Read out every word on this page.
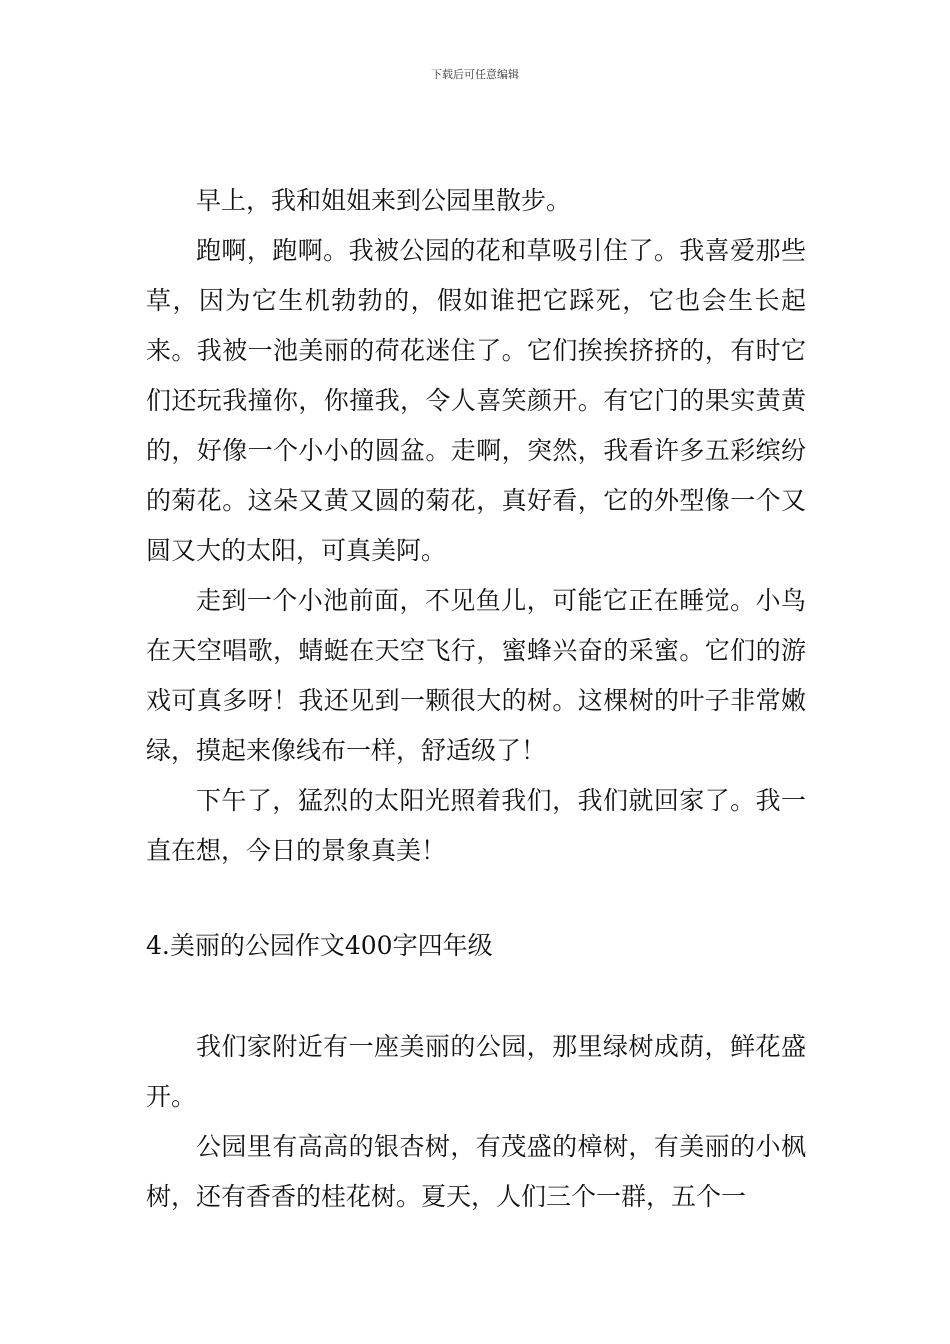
下载后可任意编辑

早上，我和姐姐来到公园里散步。

跑啊，跑啊。我被公园的花和草吸引住了。我喜爱那些草，因为它生机勃勃的，假如谁把它踩死，它也会生长起来。我被一池美丽的荷花迷住了。它们挨挨挤挤的，有时它们还玩我撞你，你撞我，令人喜笑颜开。有它门的果实黄黄的，好像一个小小的圆盆。走啊，突然，我看许多五彩缤纷的菊花。这朵又黄又圆的菊花，真好看，它的外型像一个又圆又大的太阳，可真美阿。

走到一个小池前面，不见鱼儿，可能它正在睡觉。小鸟在天空唱歌，蜻蜓在天空飞行，蜜蜂兴奋的采蜜。它们的游戏可真多呀！我还见到一颗很大的树。这棵树的叶子非常嫩绿，摸起来像线布一样，舒适级了！

下午了，猛烈的太阳光照着我们，我们就回家了。我一直在想，今日的景象真美！

4.美丽的公园作文400字四年级

我们家附近有一座美丽的公园，那里绿树成荫，鲜花盛开。

公园里有高高的银杏树，有茂盛的樟树，有美丽的小枫树，还有香香的桂花树。夏天，人们三个一群，五个一
